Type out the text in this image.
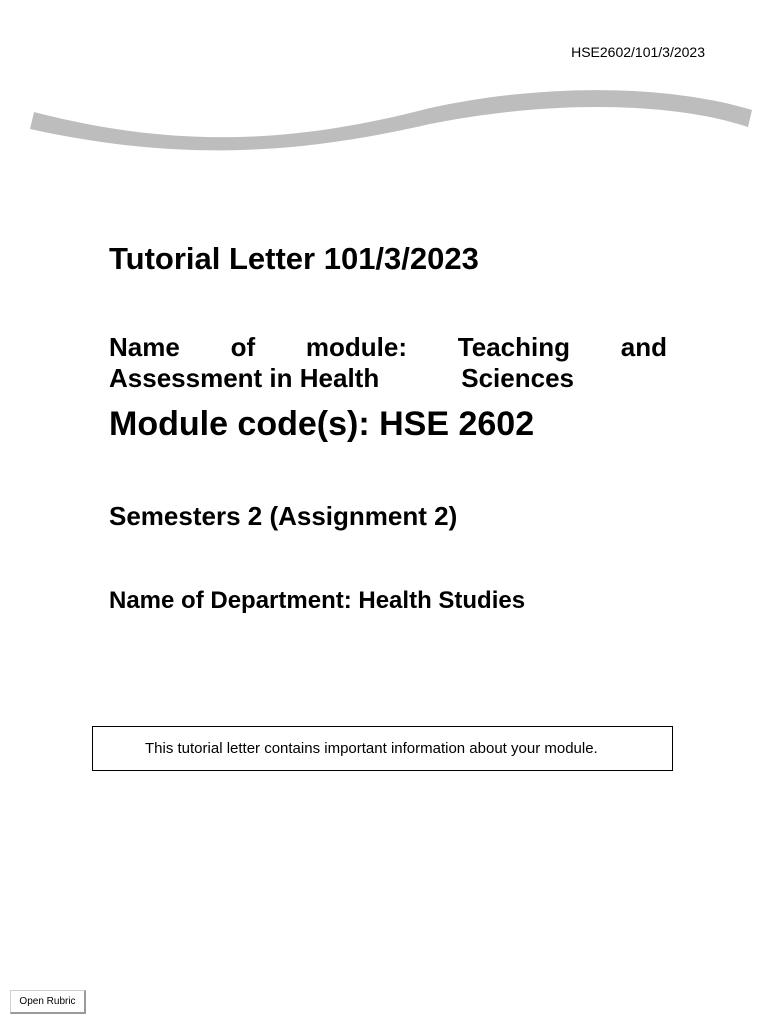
HSE2602/101/3/2023
Tutorial Letter 101/3/2023
Name of module: Teaching and
Assessment in Health	Sciences
Module code(s): HSE 2602
Semesters 2 (Assignment 2)
Name of Department: Health Studies
This tutorial letter contains important information about your module.
Open Rubric
